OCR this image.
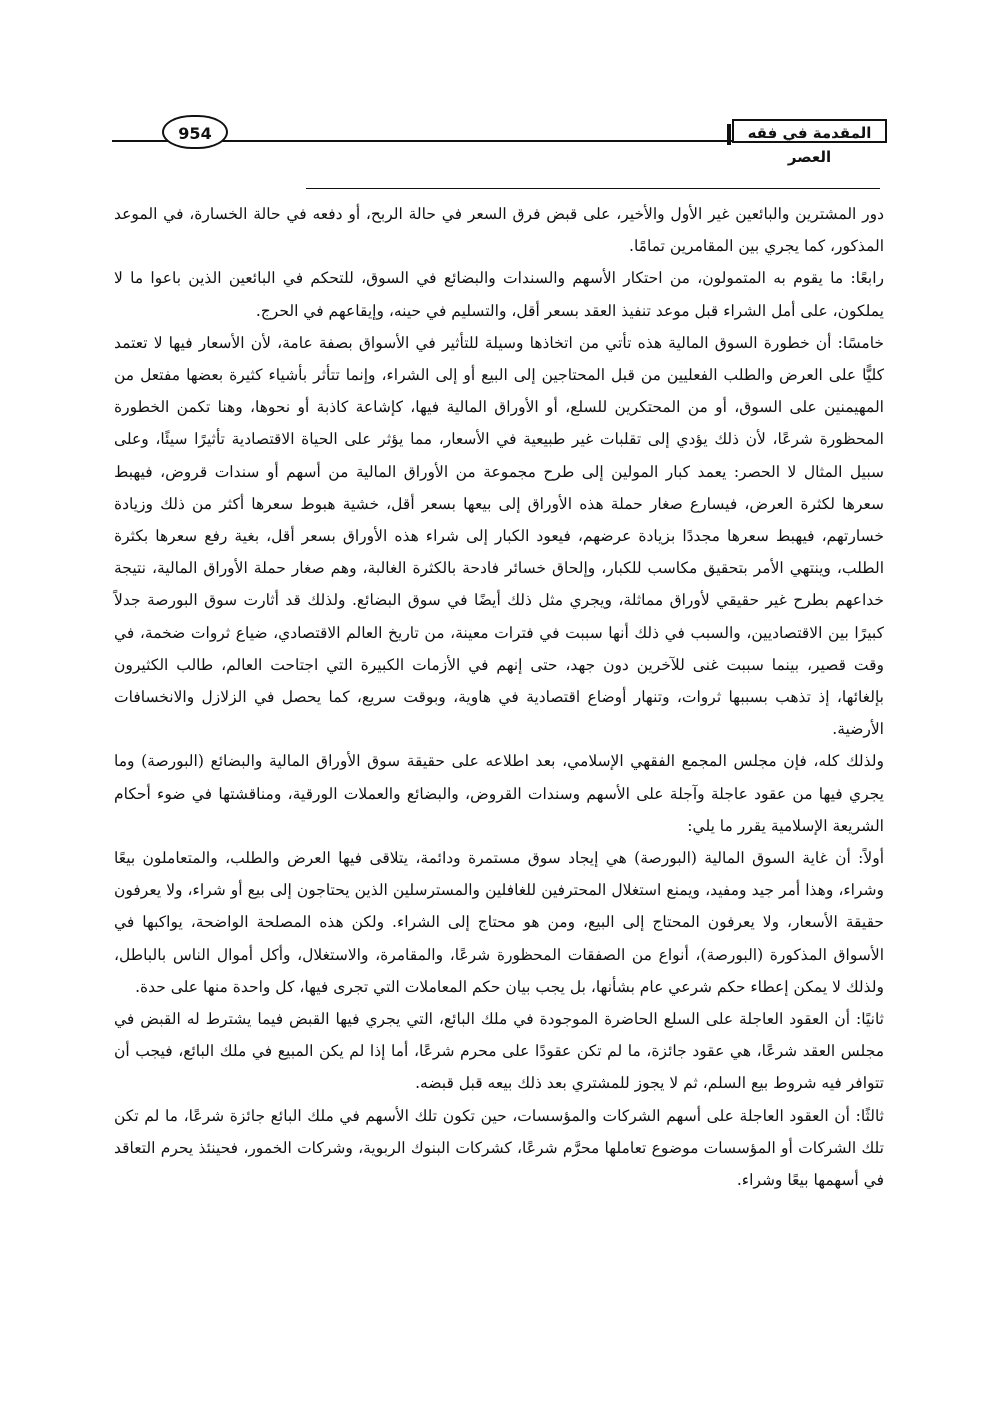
المقدمة في فقه العصر
954

دور المشترين والبائعين غير الأول والأخير، على قبض فرق السعر في حالة الربح، أو دفعه في حالة الخسارة، في الموعد المذكور، كما يجري بين المقامرين تمامًا.

رابعًا: ما يقوم به المتمولون، من احتكار الأسهم والسندات والبضائع في السوق، للتحكم في البائعين الذين باعوا ما لا يملكون، على أمل الشراء قبل موعد تنفيذ العقد بسعر أقل، والتسليم في حينه، وإيقاعهم في الحرج.

خامسًا: أن خطورة السوق المالية هذه تأتي من اتخاذها وسيلة للتأثير في الأسواق بصفة عامة، لأن الأسعار فيها لا تعتمد كليًّا على العرض والطلب الفعليين من قبل المحتاجين إلى البيع أو إلى الشراء، وإنما تتأثر بأشياء كثيرة بعضها مفتعل من المهيمنين على السوق، أو من المحتكرين للسلع، أو الأوراق المالية فيها، كإشاعة كاذبة أو نحوها، وهنا تكمن الخطورة المحظورة شرعًا، لأن ذلك يؤدي إلى تقلبات غير طبيعية في الأسعار، مما يؤثر على الحياة الاقتصادية تأثيرًا سيئًا، وعلى سبيل المثال لا الحصر: يعمد كبار المولين إلى طرح مجموعة من الأوراق المالية من أسهم أو سندات قروض، فيهبط سعرها لكثرة العرض، فيسارع صغار حملة هذه الأوراق إلى بيعها بسعر أقل، خشية هبوط سعرها أكثر من ذلك وزيادة خسارتهم، فيهبط سعرها مجددًا بزيادة عرضهم، فيعود الكبار إلى شراء هذه الأوراق بسعر أقل، بغية رفع سعرها بكثرة الطلب، وينتهي الأمر بتحقيق مكاسب للكبار، وإلحاق خسائر فادحة بالكثرة الغالبة، وهم صغار حملة الأوراق المالية، نتيجة خداعهم بطرح غير حقيقي لأوراق مماثلة، ويجري مثل ذلك أيضًا في سوق البضائع. ولذلك قد أثارت سوق البورصة جدلاً كبيرًا بين الاقتصاديين، والسبب في ذلك أنها سببت في فترات معينة، من تاريخ العالم الاقتصادي، ضياع ثروات ضخمة، في وقت قصير، بينما سببت غنى للآخرين دون جهد، حتى إنهم في الأزمات الكبيرة التي اجتاحت العالم، طالب الكثيرون بإلغائها، إذ تذهب بسببها ثروات، وتنهار أوضاع اقتصادية في هاوية، وبوقت سريع، كما يحصل في الزلازل والانخسافات الأرضية.

ولذلك كله، فإن مجلس المجمع الفقهي الإسلامي، بعد اطلاعه على حقيقة سوق الأوراق المالية والبضائع (البورصة) وما يجري فيها من عقود عاجلة وآجلة على الأسهم وسندات القروض، والبضائع والعملات الورقية، ومناقشتها في ضوء أحكام الشريعة الإسلامية يقرر ما يلي:

أولاً: أن غاية السوق المالية (البورصة) هي إيجاد سوق مستمرة ودائمة، يتلاقى فيها العرض والطلب، والمتعاملون بيعًا وشراء، وهذا أمر جيد ومفيد، ويمنع استغلال المحترفين للغافلين والمسترسلين الذين يحتاجون إلى بيع أو شراء، ولا يعرفون حقيقة الأسعار، ولا يعرفون المحتاج إلى البيع، ومن هو محتاج إلى الشراء. ولكن هذه المصلحة الواضحة، يواكبها في الأسواق المذكورة (البورصة)، أنواع من الصفقات المحظورة شرعًا، والمقامرة، والاستغلال، وأكل أموال الناس بالباطل، ولذلك لا يمكن إعطاء حكم شرعي عام بشأنها، بل يجب بيان حكم المعاملات التي تجرى فيها، كل واحدة منها على حدة.

ثانيًا: أن العقود العاجلة على السلع الحاضرة الموجودة في ملك البائع، التي يجري فيها القبض فيما يشترط له القبض في مجلس العقد شرعًا، هي عقود جائزة، ما لم تكن عقودًا على محرم شرعًا، أما إذا لم يكن المبيع في ملك البائع، فيجب أن تتوافر فيه شروط بيع السلم، ثم لا يجوز للمشتري بعد ذلك بيعه قبل قبضه.

ثالثًا: أن العقود العاجلة على أسهم الشركات والمؤسسات، حين تكون تلك الأسهم في ملك البائع جائزة شرعًا، ما لم تكن تلك الشركات أو المؤسسات موضوع تعاملها محرَّم شرعًا، كشركات البنوك الربوية، وشركات الخمور، فحينئذ يحرم التعاقد في أسهمها بيعًا وشراء.
